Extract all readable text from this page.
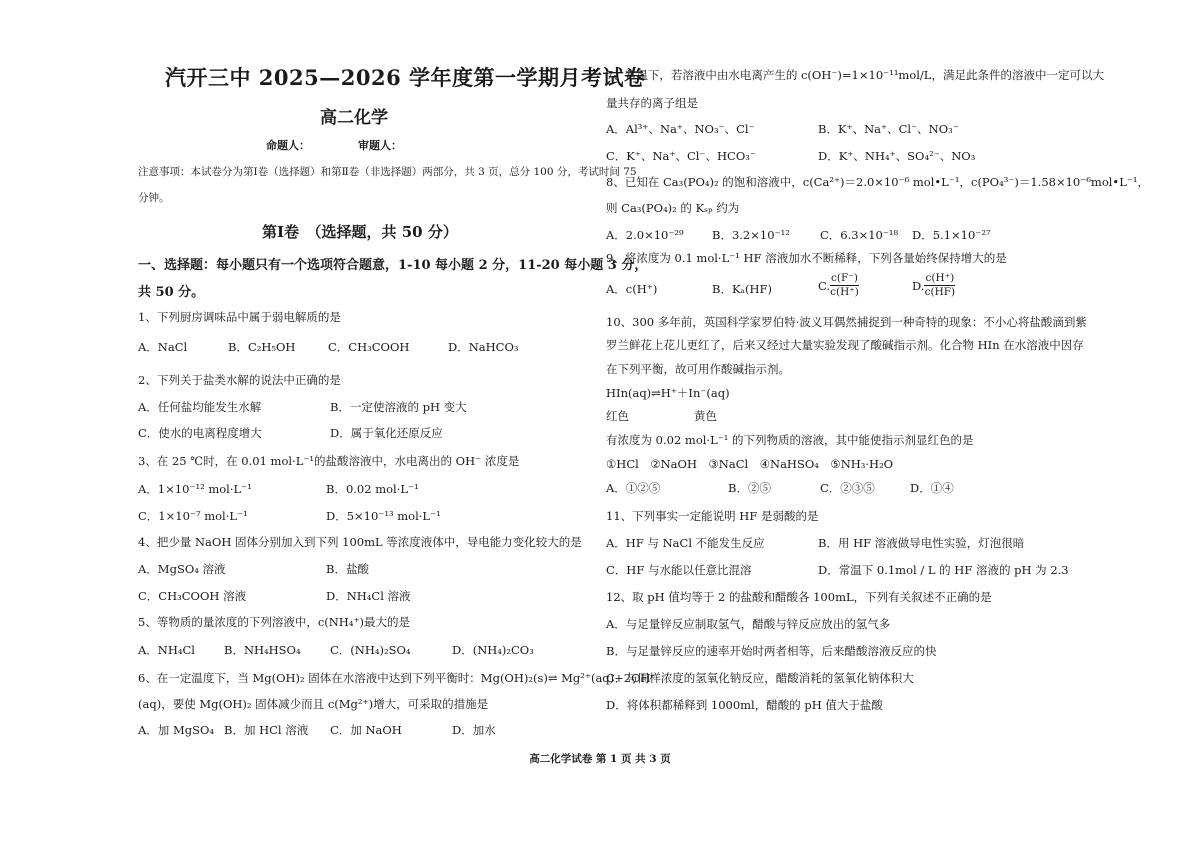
汽开三中 2025—2026 学年度第一学期月考试卷
高二化学
命题人：	审题人：
注意事项：本试卷分为第Ⅰ卷（选择题）和第Ⅱ卷（非选择题）两部分，共 3 页，总分 100 分，考试时间 75
分钟。
第Ⅰ卷　（选择题，共 50 分）
一、选择题：每小题只有一个选项符合题意，1-10 每小题 2 分，11-20 每小题 3 分，
共 50 分。
1、下列厨房调味品中属于弱电解质的是
A．NaCl	B．C₂H₅OH	C．CH₃COOH	D．NaHCO₃
2、下列关于盐类水解的说法中正确的是
A．任何盐均能发生水解	B．一定使溶液的 pH 变大
C．使水的电离程度增大	D．属于氧化还原反应
3、在 25 ℃时，在 0.01 mol·L⁻¹的盐酸溶液中，水电离出的 OH⁻ 浓度是
A．1×10⁻¹² mol·L⁻¹	B．0.02 mol·L⁻¹
C．1×10⁻⁷ mol·L⁻¹	D．5×10⁻¹³ mol·L⁻¹
4、把少量 NaOH 固体分别加入到下列 100mL 等浓度液体中，导电能力变化较大的是
A．MgSO₄ 溶液	B．盐酸
C．CH₃COOH 溶液	D．NH₄Cl 溶液
5、等物质的量浓度的下列溶液中，c(NH₄⁺)最大的是
A．NH₄Cl	B．NH₄HSO₄	C．(NH₄)₂SO₄	D．(NH₄)₂CO₃
6、在一定温度下，当 Mg(OH)₂ 固体在水溶液中达到下列平衡时：Mg(OH)₂(s)⇌ Mg²⁺(aq)+2OH⁻
(aq)，要使 Mg(OH)₂ 固体减少而且 c(Mg²⁺)增大，可采取的措施是
A．加 MgSO₄ B．加 HCl 溶液 C．加 NaOH	D．加水
7、常温下，若溶液中由水电离产生的 c(OH⁻)=1×10⁻¹¹mol/L，满足此条件的溶液中一定可以大
量共存的离子组是
A．Al³⁺、Na⁺、NO₃⁻、Cl⁻	B．K⁺、Na⁺、Cl⁻、NO₃⁻
C．K⁺、Na⁺、Cl⁻、HCO₃⁻	D．K⁺、NH₄⁺、SO₄²⁻、NO₃
8、已知在 Ca₃(PO₄)₂ 的饱和溶液中，c(Ca²⁺)＝2.0×10⁻⁶ mol•L⁻¹，c(PO₄³⁻)＝1.58×10⁻⁶mol•L⁻¹，
则 Ca₃(PO₄)₂ 的 Kₛₚ 约为
A．2.0×10⁻²⁹ B．3.2×10⁻¹²	C．6.3×10⁻¹⁸ D．5.1×10⁻²⁷
9、将浓度为 0.1 mol·L⁻¹ HF 溶液加水不断稀释，下列各量始终保持增大的是
A．c(H⁺)	B．Kₐ(HF)	C. $\frac{c(F^-)}{c(H^+)}$	D. $\frac{c(H^+)}{c(HF)}$
10、300 多年前，英国科学家罗伯特·波义耳偶然捕捉到一种奇特的现象：不小心将盐酸滴到紫
罗兰鲜花上花儿更红了，后来又经过大量实验发现了酸碱指示剂。化合物 HIn 在水溶液中因存
在下列平衡，故可用作酸碱指示剂。
HIn(aq)⇌H⁺＋In⁻(aq)
红色	黄色
有浓度为 0.02 mol·L⁻¹ 的下列物质的溶液，其中能使指示剂显红色的是
①HCl　②NaOH　③NaCl　④NaHSO₄　⑤NH₃·H₂O
A．①②⑤	B．②⑤	C．②③⑤	D．①④
11、下列事实一定能说明 HF 是弱酸的是
A．HF 与 NaCl 不能发生反应	B．用 HF 溶液做导电性实验，灯泡很暗
C．HF 与水能以任意比混溶	D．常温下 0.1mol / L 的 HF 溶液的 pH 为 2.3
12、取 pH 值均等于 2 的盐酸和醋酸各 100mL，下列有关叙述不正确的是
A．与足量锌反应制取氢气，醋酸与锌反应放出的氢气多
B．与足量锌反应的速率开始时两者相等，后来醋酸溶液反应的快
C．与同样浓度的氢氧化钠反应，醋酸消耗的氢氧化钠体积大
D．将体积都稀释到 1000ml，醋酸的 pH 值大于盐酸
高二化学试卷 第 1 页 共 3 页
